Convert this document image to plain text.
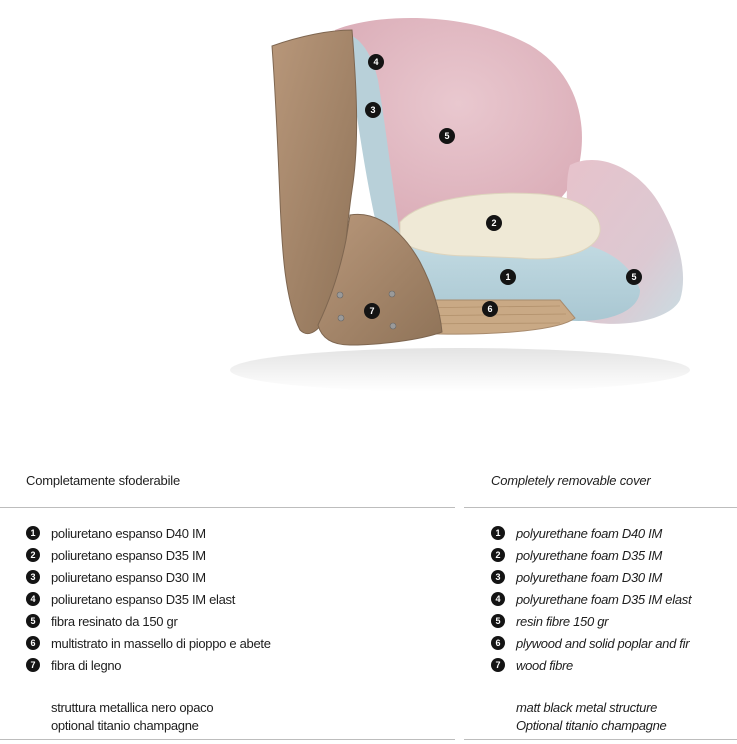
4
3
5
2
1	5
6
7
Completamente sfoderabile
1	poliuretano espanso D40 IM
2	poliuretano espanso D35 IM
3	poliuretano espanso D30 IM
4	poliuretano espanso D35 IM elast
5	fibra resinato da 150 gr
6	multistrato in massello di pioppo e abete
7	fibra di legno
struttura metallica nero opaco
optional titanio champagne
Completely removable cover
1	polyurethane foam D40 IM
2	polyurethane foam D35 IM
3	polyurethane foam D30 IM
4	polyurethane foam D35 IM elast
5	resin fibre 150 gr
6	plywood and solid poplar and fir
7	wood fibre
matt black metal structure
Optional titanio champagne
